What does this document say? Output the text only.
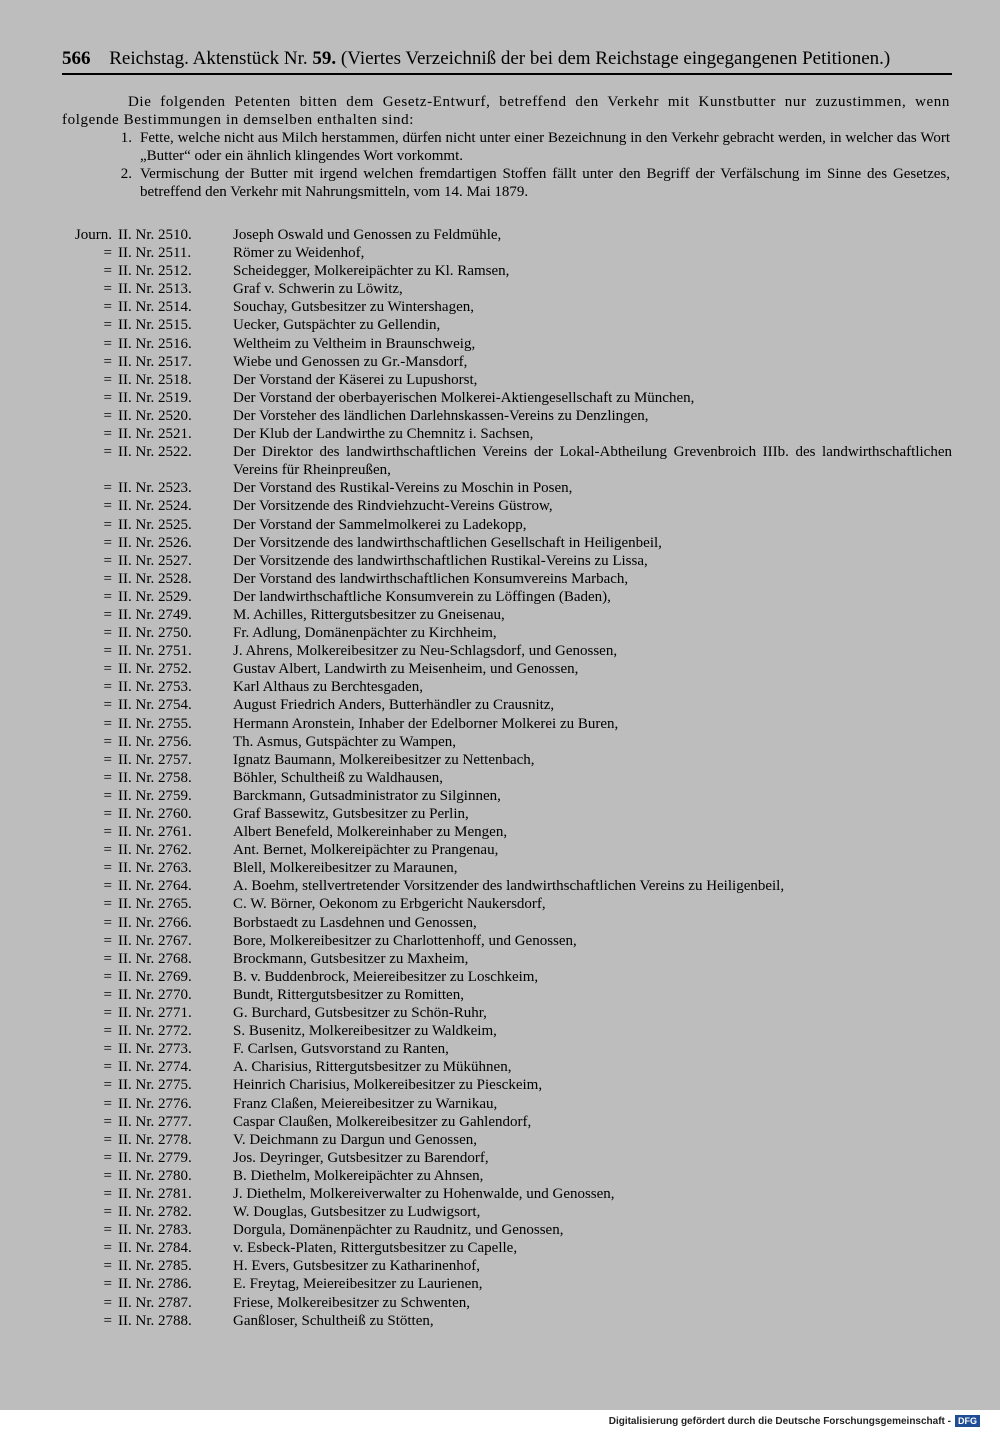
566 Reichstag. Aktenstück Nr. 59. (Viertes Verzeichniß der bei dem Reichstage eingegangenen Petitionen.)

Die folgenden Petenten bitten dem Gesetz-Entwurf, betreffend den Verkehr mit Kunstbutter nur zuzustimmen, wenn folgende Bestimmungen in demselben enthalten sind:

1. Fette, welche nicht aus Milch herstammen, dürfen nicht unter einer Bezeichnung in den Verkehr gebracht werden, in welcher das Wort „Butter“ oder ein ähnlich klingendes Wort vorkommt.
2. Vermischung der Butter mit irgend welchen fremdartigen Stoffen fällt unter den Begriff der Verfälschung im Sinne des Gesetzes, betreffend den Verkehr mit Nahrungsmitteln, vom 14. Mai 1879.
Journ. II. Nr. 2510.	Joseph Oswald und Genossen zu Feldmühle,
= II. Nr. 2511.	Römer zu Weidenhof,
= II. Nr. 2512.	Scheidegger, Molkereipächter zu Kl. Ramsen,
= II. Nr. 2513.	Graf v. Schwerin zu Löwitz,
= II. Nr. 2514.	Souchay, Gutsbesitzer zu Wintershagen,
= II. Nr. 2515.	Uecker, Gutspächter zu Gellendin,
= II. Nr. 2516.	Weltheim zu Veltheim in Braunschweig,
= II. Nr. 2517.	Wiebe und Genossen zu Gr.-Mansdorf,
= II. Nr. 2518.	Der Vorstand der Käserei zu Lupushorst,
= II. Nr. 2519.	Der Vorstand der oberbayerischen Molkerei-Aktiengesellschaft zu München,
= II. Nr. 2520.	Der Vorsteher des ländlichen Darlehnskassen-Vereins zu Denzlingen,
= II. Nr. 2521.	Der Klub der Landwirthe zu Chemnitz i. Sachsen,
= II. Nr. 2522.	Der Direktor des landwirthschaftlichen Vereins der Lokal-Abtheilung Grevenbroich IIIb. des landwirthschaftlichen Vereins für Rheinpreußen,
= II. Nr. 2523.	Der Vorstand des Rustikal-Vereins zu Moschin in Posen,
= II. Nr. 2524.	Der Vorsitzende des Rindviehzucht-Vereins Güstrow,
= II. Nr. 2525.	Der Vorstand der Sammelmolkerei zu Ladekopp,
= II. Nr. 2526.	Der Vorsitzende des landwirthschaftlichen Gesellschaft in Heiligenbeil,
= II. Nr. 2527.	Der Vorsitzende des landwirthschaftlichen Rustikal-Vereins zu Lissa,
= II. Nr. 2528.	Der Vorstand des landwirthschaftlichen Konsumvereins Marbach,
= II. Nr. 2529.	Der landwirthschaftliche Konsumverein zu Löffingen (Baden),
= II. Nr. 2749.	M. Achilles, Rittergutsbesitzer zu Gneisenau,
= II. Nr. 2750.	Fr. Adlung, Domänenpächter zu Kirchheim,
= II. Nr. 2751.	J. Ahrens, Molkereibesitzer zu Neu-Schlagsdorf, und Genossen,
= II. Nr. 2752.	Gustav Albert, Landwirth zu Meisenheim, und Genossen,
= II. Nr. 2753.	Karl Althaus zu Berchtesgaden,
= II. Nr. 2754.	August Friedrich Anders, Butterhändler zu Crausnitz,
= II. Nr. 2755.	Hermann Aronstein, Inhaber der Edelborner Molkerei zu Buren,
= II. Nr. 2756.	Th. Asmus, Gutspächter zu Wampen,
= II. Nr. 2757.	Ignatz Baumann, Molkereibesitzer zu Nettenbach,
= II. Nr. 2758.	Böhler, Schultheiß zu Waldhausen,
= II. Nr. 2759.	Barckmann, Gutsadministrator zu Silginnen,
= II. Nr. 2760.	Graf Bassewitz, Gutsbesitzer zu Perlin,
= II. Nr. 2761.	Albert Benefeld, Molkereinhaber zu Mengen,
= II. Nr. 2762.	Ant. Bernet, Molkereipächter zu Prangenau,
= II. Nr. 2763.	Blell, Molkereibesitzer zu Maraunen,
= II. Nr. 2764.	A. Boehm, stellvertretender Vorsitzender des landwirthschaftlichen Vereins zu Heiligenbeil,
= II. Nr. 2765.	C. W. Börner, Oekonom zu Erbgericht Naukersdorf,
= II. Nr. 2766.	Borbstaedt zu Lasdehnen und Genossen,
= II. Nr. 2767.	Bore, Molkereibesitzer zu Charlottenhoff, und Genossen,
= II. Nr. 2768.	Brockmann, Gutsbesitzer zu Maxheim,
= II. Nr. 2769.	B. v. Buddenbrock, Meiereibesitzer zu Loschkeim,
= II. Nr. 2770.	Bundt, Rittergutsbesitzer zu Romitten,
= II. Nr. 2771.	G. Burchard, Gutsbesitzer zu Schön-Ruhr,
= II. Nr. 2772.	S. Busenitz, Molkereibesitzer zu Waldkeim,
= II. Nr. 2773.	F. Carlsen, Gutsvorstand zu Ranten,
= II. Nr. 2774.	A. Charisius, Rittergutsbesitzer zu Mükühnen,
= II. Nr. 2775.	Heinrich Charisius, Molkereibesitzer zu Piesckeim,
= II. Nr. 2776.	Franz Claßen, Meiereibesitzer zu Warnikau,
= II. Nr. 2777.	Caspar Claußen, Molkereibesitzer zu Gahlendorf,
= II. Nr. 2778.	V. Deichmann zu Dargun und Genossen,
= II. Nr. 2779.	Jos. Deyringer, Gutsbesitzer zu Barendorf,
= II. Nr. 2780.	B. Diethelm, Molkereipächter zu Ahnsen,
= II. Nr. 2781.	J. Diethelm, Molkereiverwalter zu Hohenwalde, und Genossen,
= II. Nr. 2782.	W. Douglas, Gutsbesitzer zu Ludwigsort,
= II. Nr. 2783.	Dorgula, Domänenpächter zu Raudnitz, und Genossen,
= II. Nr. 2784.	v. Esbeck-Platen, Rittergutsbesitzer zu Capelle,
= II. Nr. 2785.	H. Evers, Gutsbesitzer zu Katharinenhof,
= II. Nr. 2786.	E. Freytag, Meiereibesitzer zu Laurienen,
= II. Nr. 2787.	Friese, Molkereibesitzer zu Schwenten,
= II. Nr. 2788.	Ganßloser, Schultheiß zu Stötten,
Digitalisierung gefördert durch die Deutsche Forschungsgemeinschaft - DFG
